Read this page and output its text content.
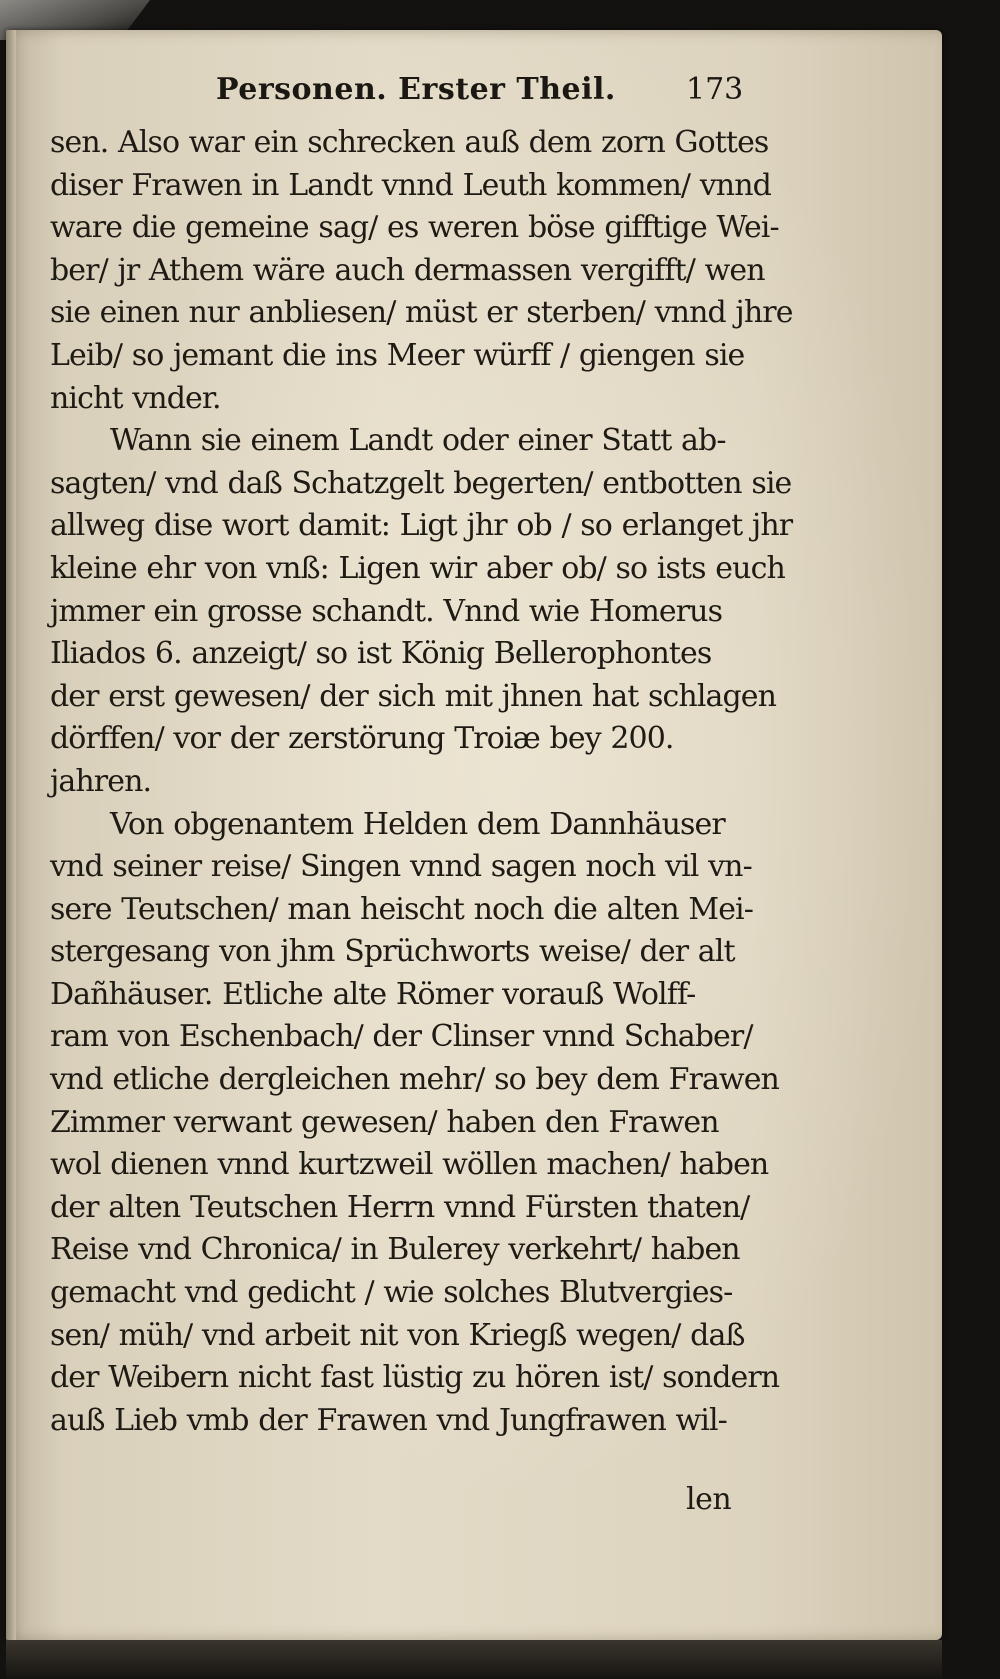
Personen. Erster Theil. 173
sen. Also war ein schrecken auß dem zorn Gottes
diser Frawen in Landt vnnd Leuth kommen/ vnnd
ware die gemeine sag/ es weren böse gifftige Wei-
ber/ jr Athem wäre auch dermassen vergifft/ wen
sie einen nur anbliesen/ müst er sterben/ vnnd jhre
Leib/ so jemant die ins Meer würff / giengen sie
nicht vnder.
Wann sie einem Landt oder einer Statt ab-
sagten/ vnd daß Schatzgelt begerten/ entbotten sie
allweg dise wort damit: Ligt jhr ob / so erlanget jhr
kleine ehr von vnß: Ligen wir aber ob/ so ists euch
jmmer ein grosse schandt. Vnnd wie Homerus
Iliados 6. anzeigt/ so ist König Bellerophontes
der erst gewesen/ der sich mit jhnen hat schlagen
dörffen/ vor der zerstörung Troiæ bey 200.
jahren.
Von obgenantem Helden dem Dannhäuser
vnd seiner reise/ Singen vnnd sagen noch vil vn-
sere Teutschen/ man heischt noch die alten Mei-
stergesang von jhm Sprüchworts weise/ der alt
Dañhäuser. Etliche alte Römer vorauß Wolff-
ram von Eschenbach/ der Clinser vnnd Schaber/
vnd etliche dergleichen mehr/ so bey dem Frawen
Zimmer verwant gewesen/ haben den Frawen
wol dienen vnnd kurtzweil wöllen machen/ haben
der alten Teutschen Herrn vnnd Fürsten thaten/
Reise vnd Chronica/ in Bulerey verkehrt/ haben
gemacht vnd gedicht / wie solches Blutvergies-
sen/ müh/ vnd arbeit nit von Kriegß wegen/ daß
der Weibern nicht fast lüstig zu hören ist/ sondern
auß Lieb vmb der Frawen vnd Jungfrawen wil-
len
